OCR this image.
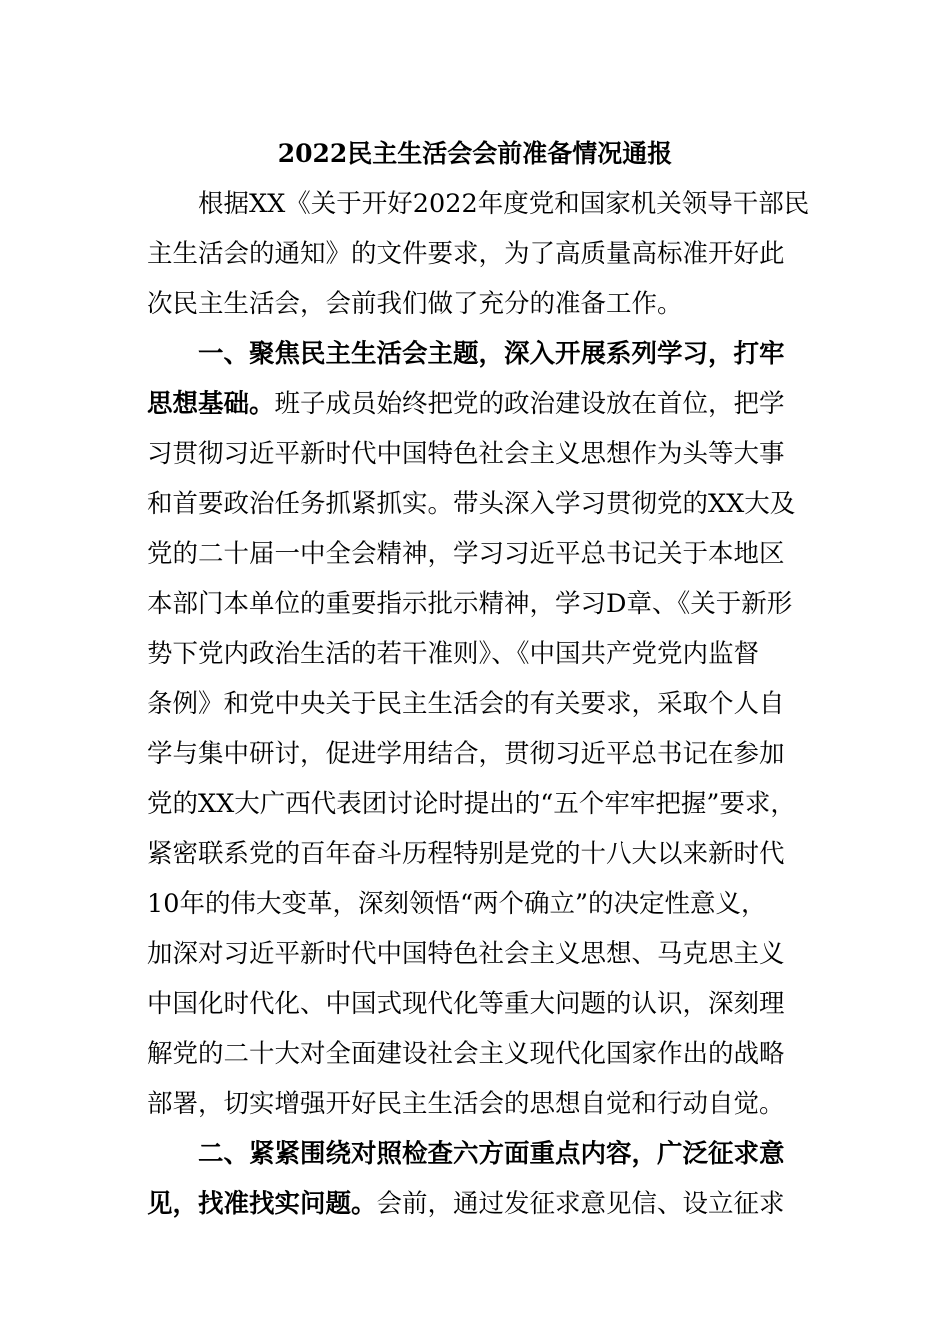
2022民主生活会会前准备情况通报
根据XX《关于开好2022年度党和国家机关领导干部民
主生活会的通知》的文件要求，为了高质量高标准开好此
次民主生活会，会前我们做了充分的准备工作。
一、聚焦民主生活会主题，深入开展系列学习，打牢
思想基础。班子成员始终把党的政治建设放在首位，把学
习贯彻习近平新时代中国特色社会主义思想作为头等大事
和首要政治任务抓紧抓实。带头深入学习贯彻党的XX大及
党的二十届一中全会精神，学习习近平总书记关于本地区
本部门本单位的重要指示批示精神，学习D章、《关于新形
势下党内政治生活的若干准则》、《中国共产党党内监督
条例》和党中央关于民主生活会的有关要求，采取个人自
学与集中研讨，促进学用结合，贯彻习近平总书记在参加
党的XX大广西代表团讨论时提出的“五个牢牢把握”要求，
紧密联系党的百年奋斗历程特别是党的十八大以来新时代
10年的伟大变革，深刻领悟“两个确立”的决定性意义，
加深对习近平新时代中国特色社会主义思想、马克思主义
中国化时代化、中国式现代化等重大问题的认识，深刻理
解党的二十大对全面建设社会主义现代化国家作出的战略
部署，切实增强开好民主生活会的思想自觉和行动自觉。
二、紧紧围绕对照检查六方面重点内容，广泛征求意
见，找准找实问题。会前，通过发征求意见信、设立征求
